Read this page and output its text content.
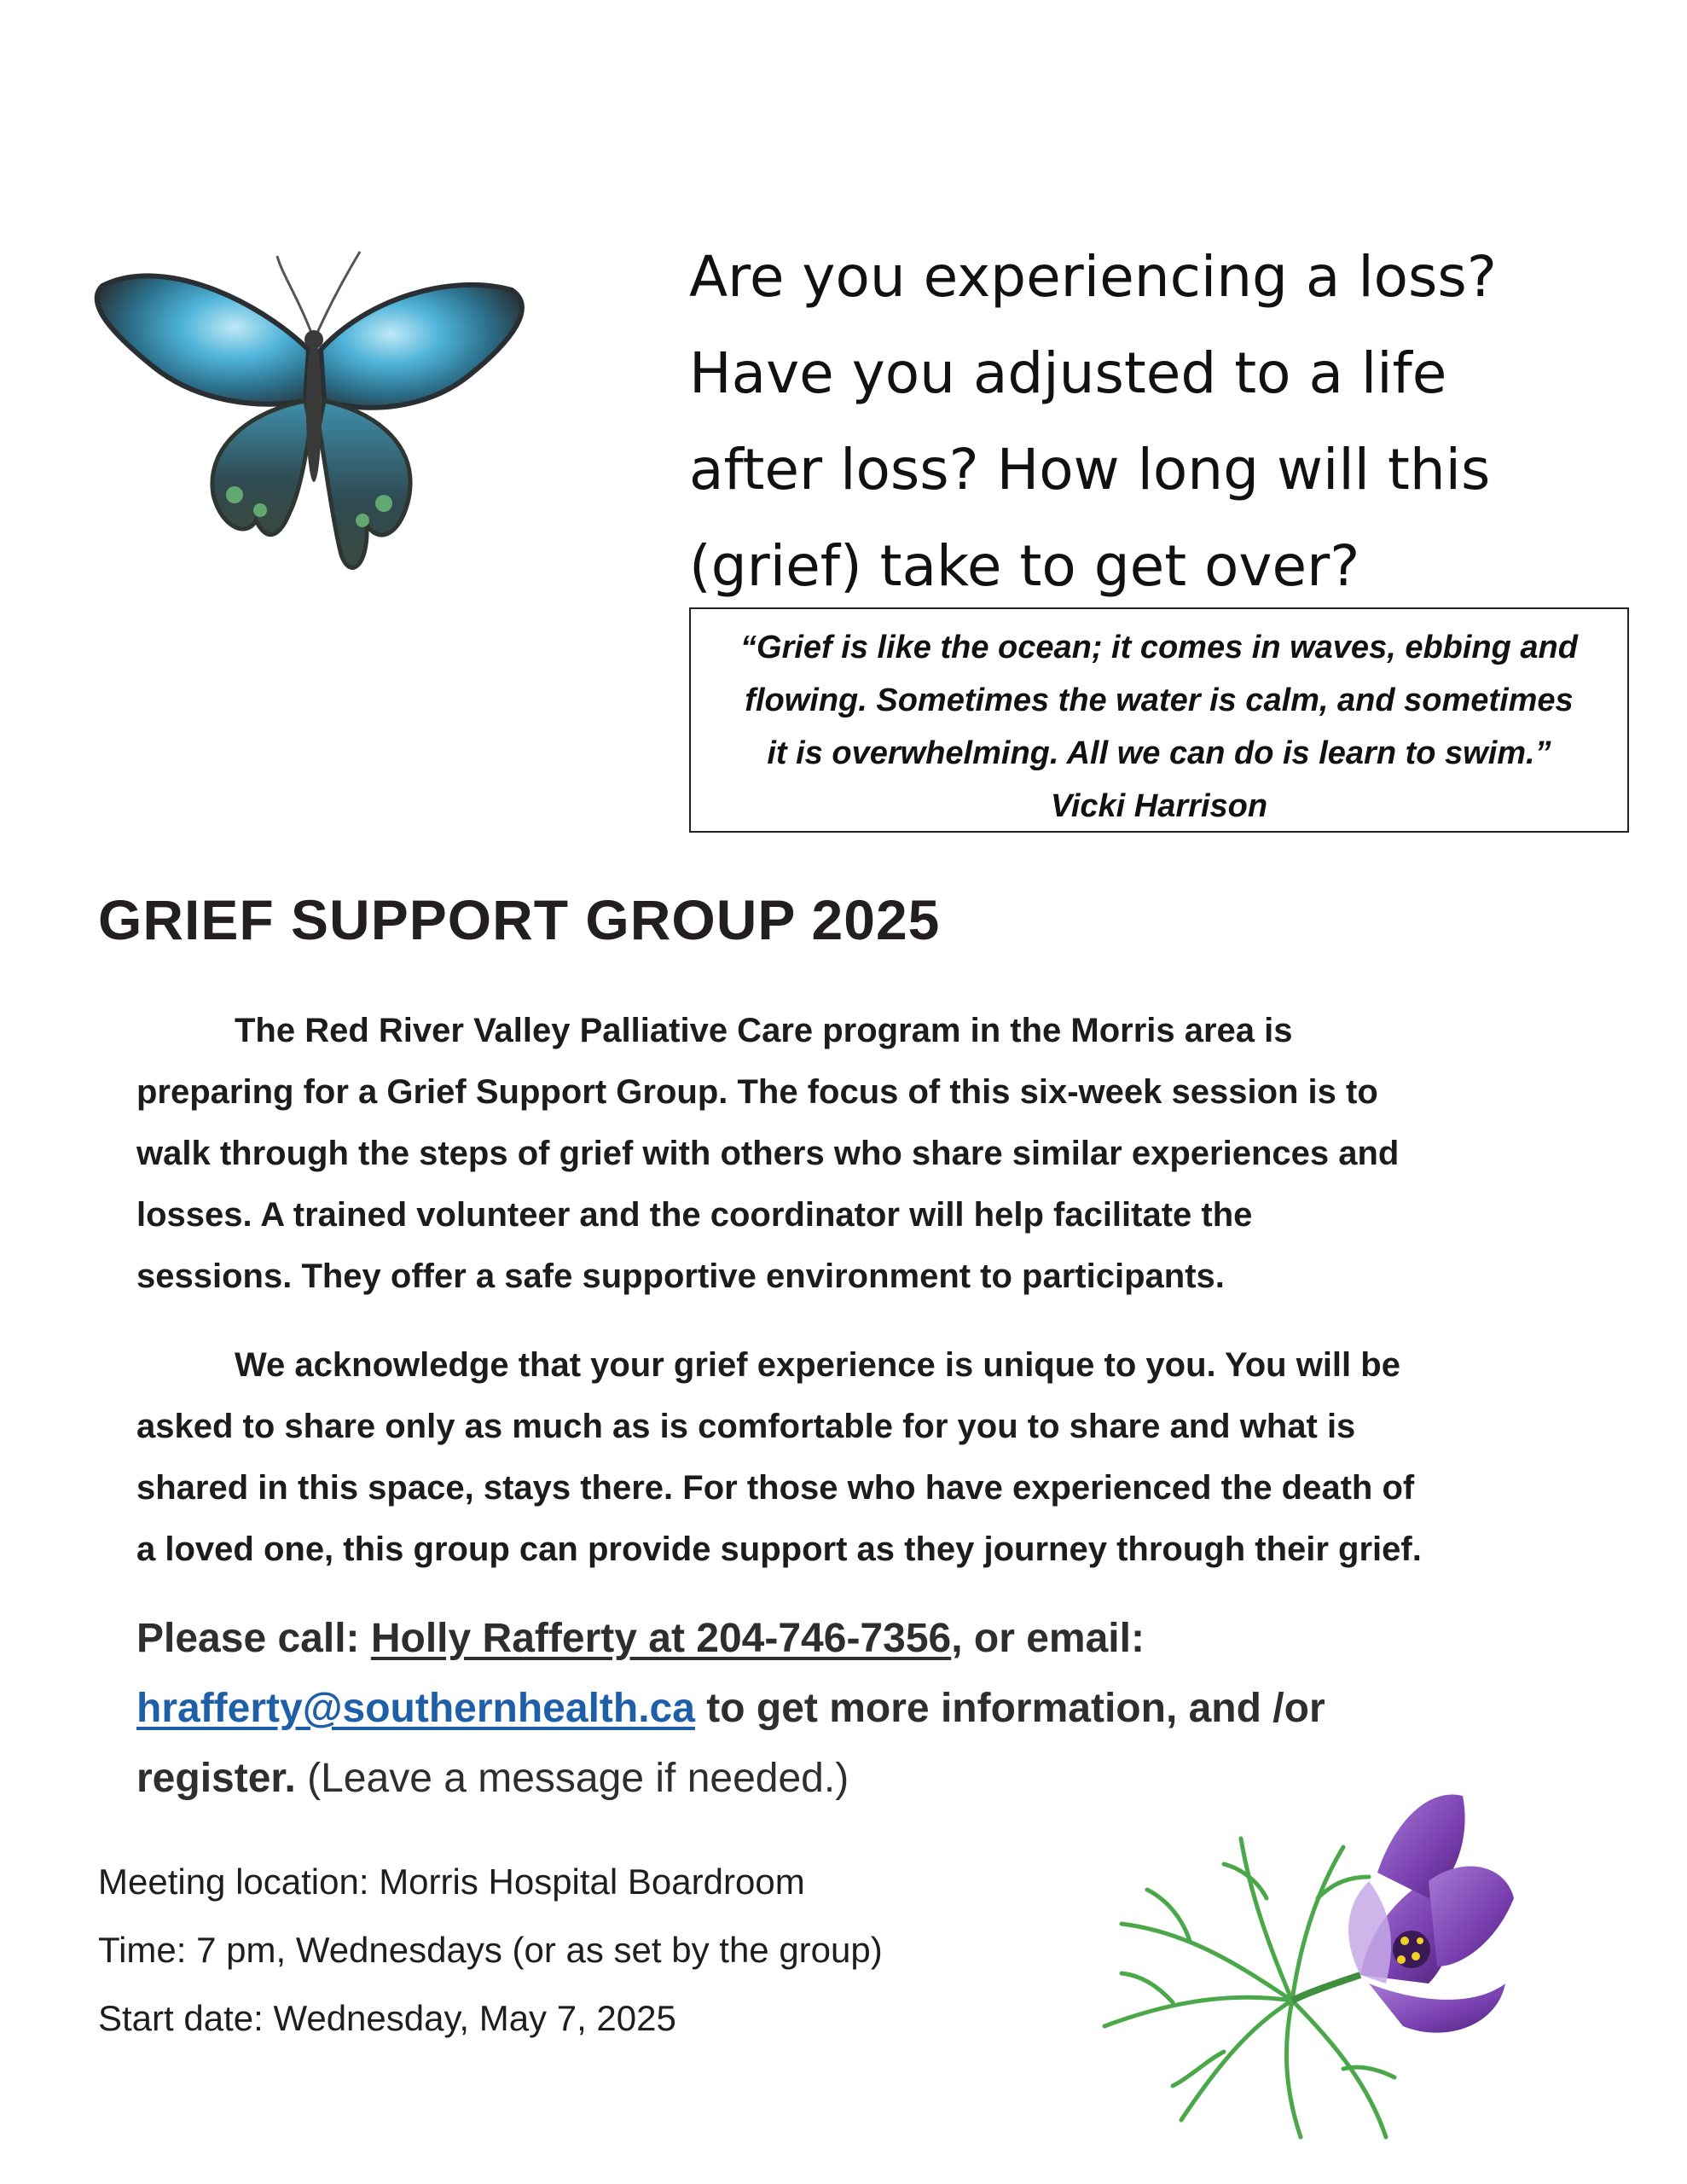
Are you experiencing a loss?
Have you adjusted to a life
after loss? How long will this
(grief) take to get over?
“Grief is like the ocean; it comes in waves, ebbing and
flowing. Sometimes the water is calm, and sometimes
it is overwhelming. All we can do is learn to swim.”
Vicki Harrison
GRIEF SUPPORT GROUP 2025
The Red River Valley Palliative Care program in the Morris area is
preparing for a Grief Support Group. The focus of this six-week session is to
walk through the steps of grief with others who share similar experiences and
losses. A trained volunteer and the coordinator will help facilitate the
sessions. They offer a safe supportive environment to participants.
We acknowledge that your grief experience is unique to you. You will be
asked to share only as much as is comfortable for you to share and what is
shared in this space, stays there. For those who have experienced the death of
a loved one, this group can provide support as they journey through their grief.
Please call: Holly Rafferty at 204-746-7356, or email:
hrafferty@southernhealth.ca to get more information, and /or
register. (Leave a message if needed.)
Meeting location: Morris Hospital Boardroom
Time: 7 pm, Wednesdays (or as set by the group)
Start date: Wednesday, May 7, 2025
